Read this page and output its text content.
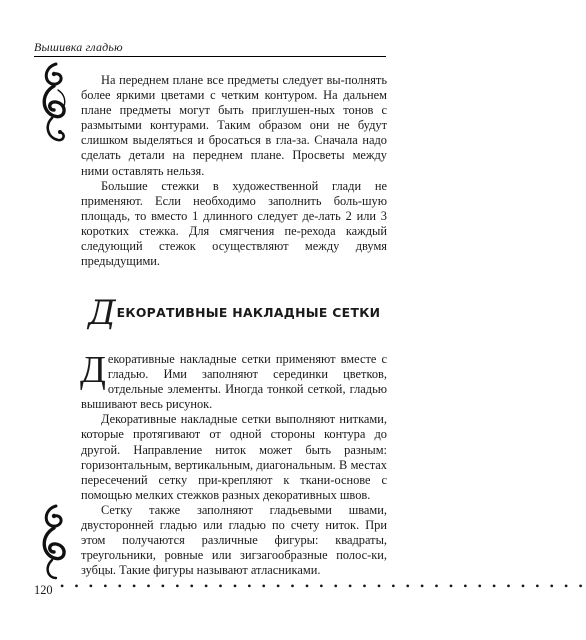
Вышивка гладью

На переднем плане все предметы следует вы-полнять более яркими цветами с четким контуром. На дальнем плане предметы могут быть приглушен-ных тонов с размытыми контурами. Таким образом они не будут слишком выделяться и бросаться в гла-за. Сначала надо сделать детали на переднем плане. Просветы между ними оставлять нельзя.

Большие стежки в художественной глади не применяют. Если необходимо заполнить боль-шую площадь, то вместо 1 длинного следует де-лать 2 или 3 коротких стежка. Для смягчения пе-рехода каждый следующий стежок осуществляют между двумя предыдущими.

ДЕКОРАТИВНЫЕ НАКЛАДНЫЕ СЕТКИ

Декоративные накладные сетки применяют вместе с гладью. Ими заполняют серединки цветков, отдельные элементы. Иногда тонкой сеткой, гладью вышивают весь рисунок.

Декоративные накладные сетки выполняют нитками, которые протягивают от одной стороны контура до другой. Направление ниток может быть разным: горизонтальным, вертикальным, диагональным. В местах пересечений сетку при-крепляют к ткани-основе с помощью мелких стежков разных декоративных швов.

Сетку также заполняют гладьевыми швами, двусторонней гладью или гладью по счету ниток. При этом получаются различные фигуры: квадраты, треугольники, ровные или зигзагообразные полос-ки, зубцы. Такие фигуры называют атласниками.

120 • • • • • • • • • • • • • • • • • • • • • • • • • • • • • • • • • • • • •
